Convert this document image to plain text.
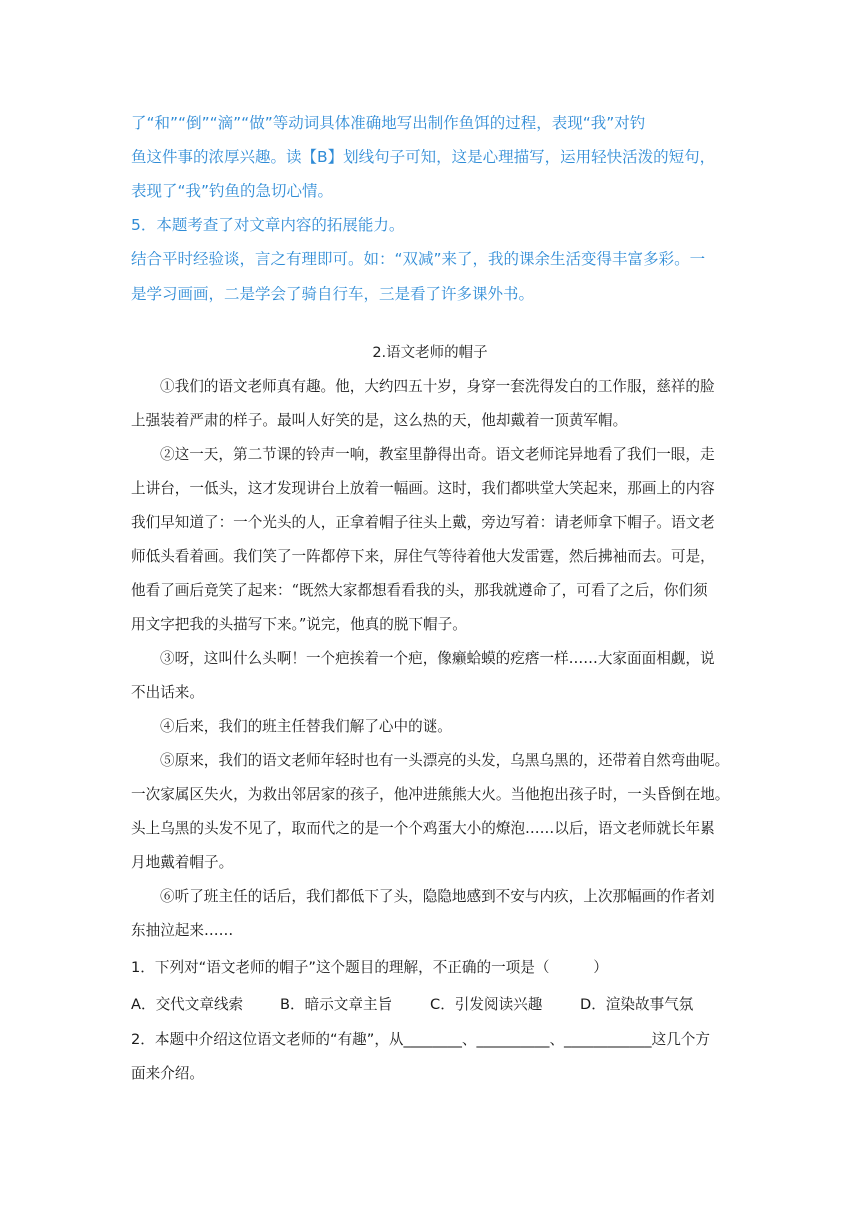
了“和”“倒”“滴”“做”等动词具体准确地写出制作鱼饵的过程，表现“我”对钓
鱼这件事的浓厚兴趣。读【B】划线句子可知，这是心理描写，运用轻快活泼的短句，
表现了“我”钓鱼的急切心情。
5．本题考查了对文章内容的拓展能力。
结合平时经验谈，言之有理即可。如：“双减”来了，我的课余生活变得丰富多彩。一
是学习画画，二是学会了骑自行车，三是看了许多课外书。
2.语文老师的帽子
①我们的语文老师真有趣。他，大约四五十岁，身穿一套洗得发白的工作服，慈祥的脸
上强装着严肃的样子。最叫人好笑的是，这么热的天，他却戴着一顶黄军帽。
②这一天，第二节课的铃声一响，教室里静得出奇。语文老师诧异地看了我们一眼，走
上讲台，一低头，这才发现讲台上放着一幅画。这时，我们都哄堂大笑起来，那画上的内容
我们早知道了：一个光头的人，正拿着帽子往头上戴，旁边写着：请老师拿下帽子。语文老
师低头看着画。我们笑了一阵都停下来，屏住气等待着他大发雷霆，然后拂袖而去。可是，
他看了画后竟笑了起来：“既然大家都想看看我的头，那我就遵命了，可看了之后，你们须
用文字把我的头描写下来。”说完，他真的脱下帽子。
③呀，这叫什么头啊！一个疤挨着一个疤，像癞蛤蟆的疙瘩一样……大家面面相觑，说
不出话来。
④后来，我们的班主任替我们解了心中的谜。
⑤原来，我们的语文老师年轻时也有一头漂亮的头发，乌黑乌黑的，还带着自然弯曲呢。
一次家属区失火，为救出邻居家的孩子，他冲进熊熊大火。当他抱出孩子时，一头昏倒在地。
头上乌黑的头发不见了，取而代之的是一个个鸡蛋大小的燎泡……以后，语文老师就长年累
月地戴着帽子。
⑥听了班主任的话后，我们都低下了头，隐隐地感到不安与内疚，上次那幅画的作者刘
东抽泣起来……
1．下列对“语文老师的帽子”这个题目的理解，不正确的一项是（　　　）
A．交代文章线索	B．暗示文章主旨	C．引发阅读兴趣	D．渲染故事气氛
2．本题中介绍这位语文老师的“有趣”，从________、__________、____________这几个方
面来介绍。
